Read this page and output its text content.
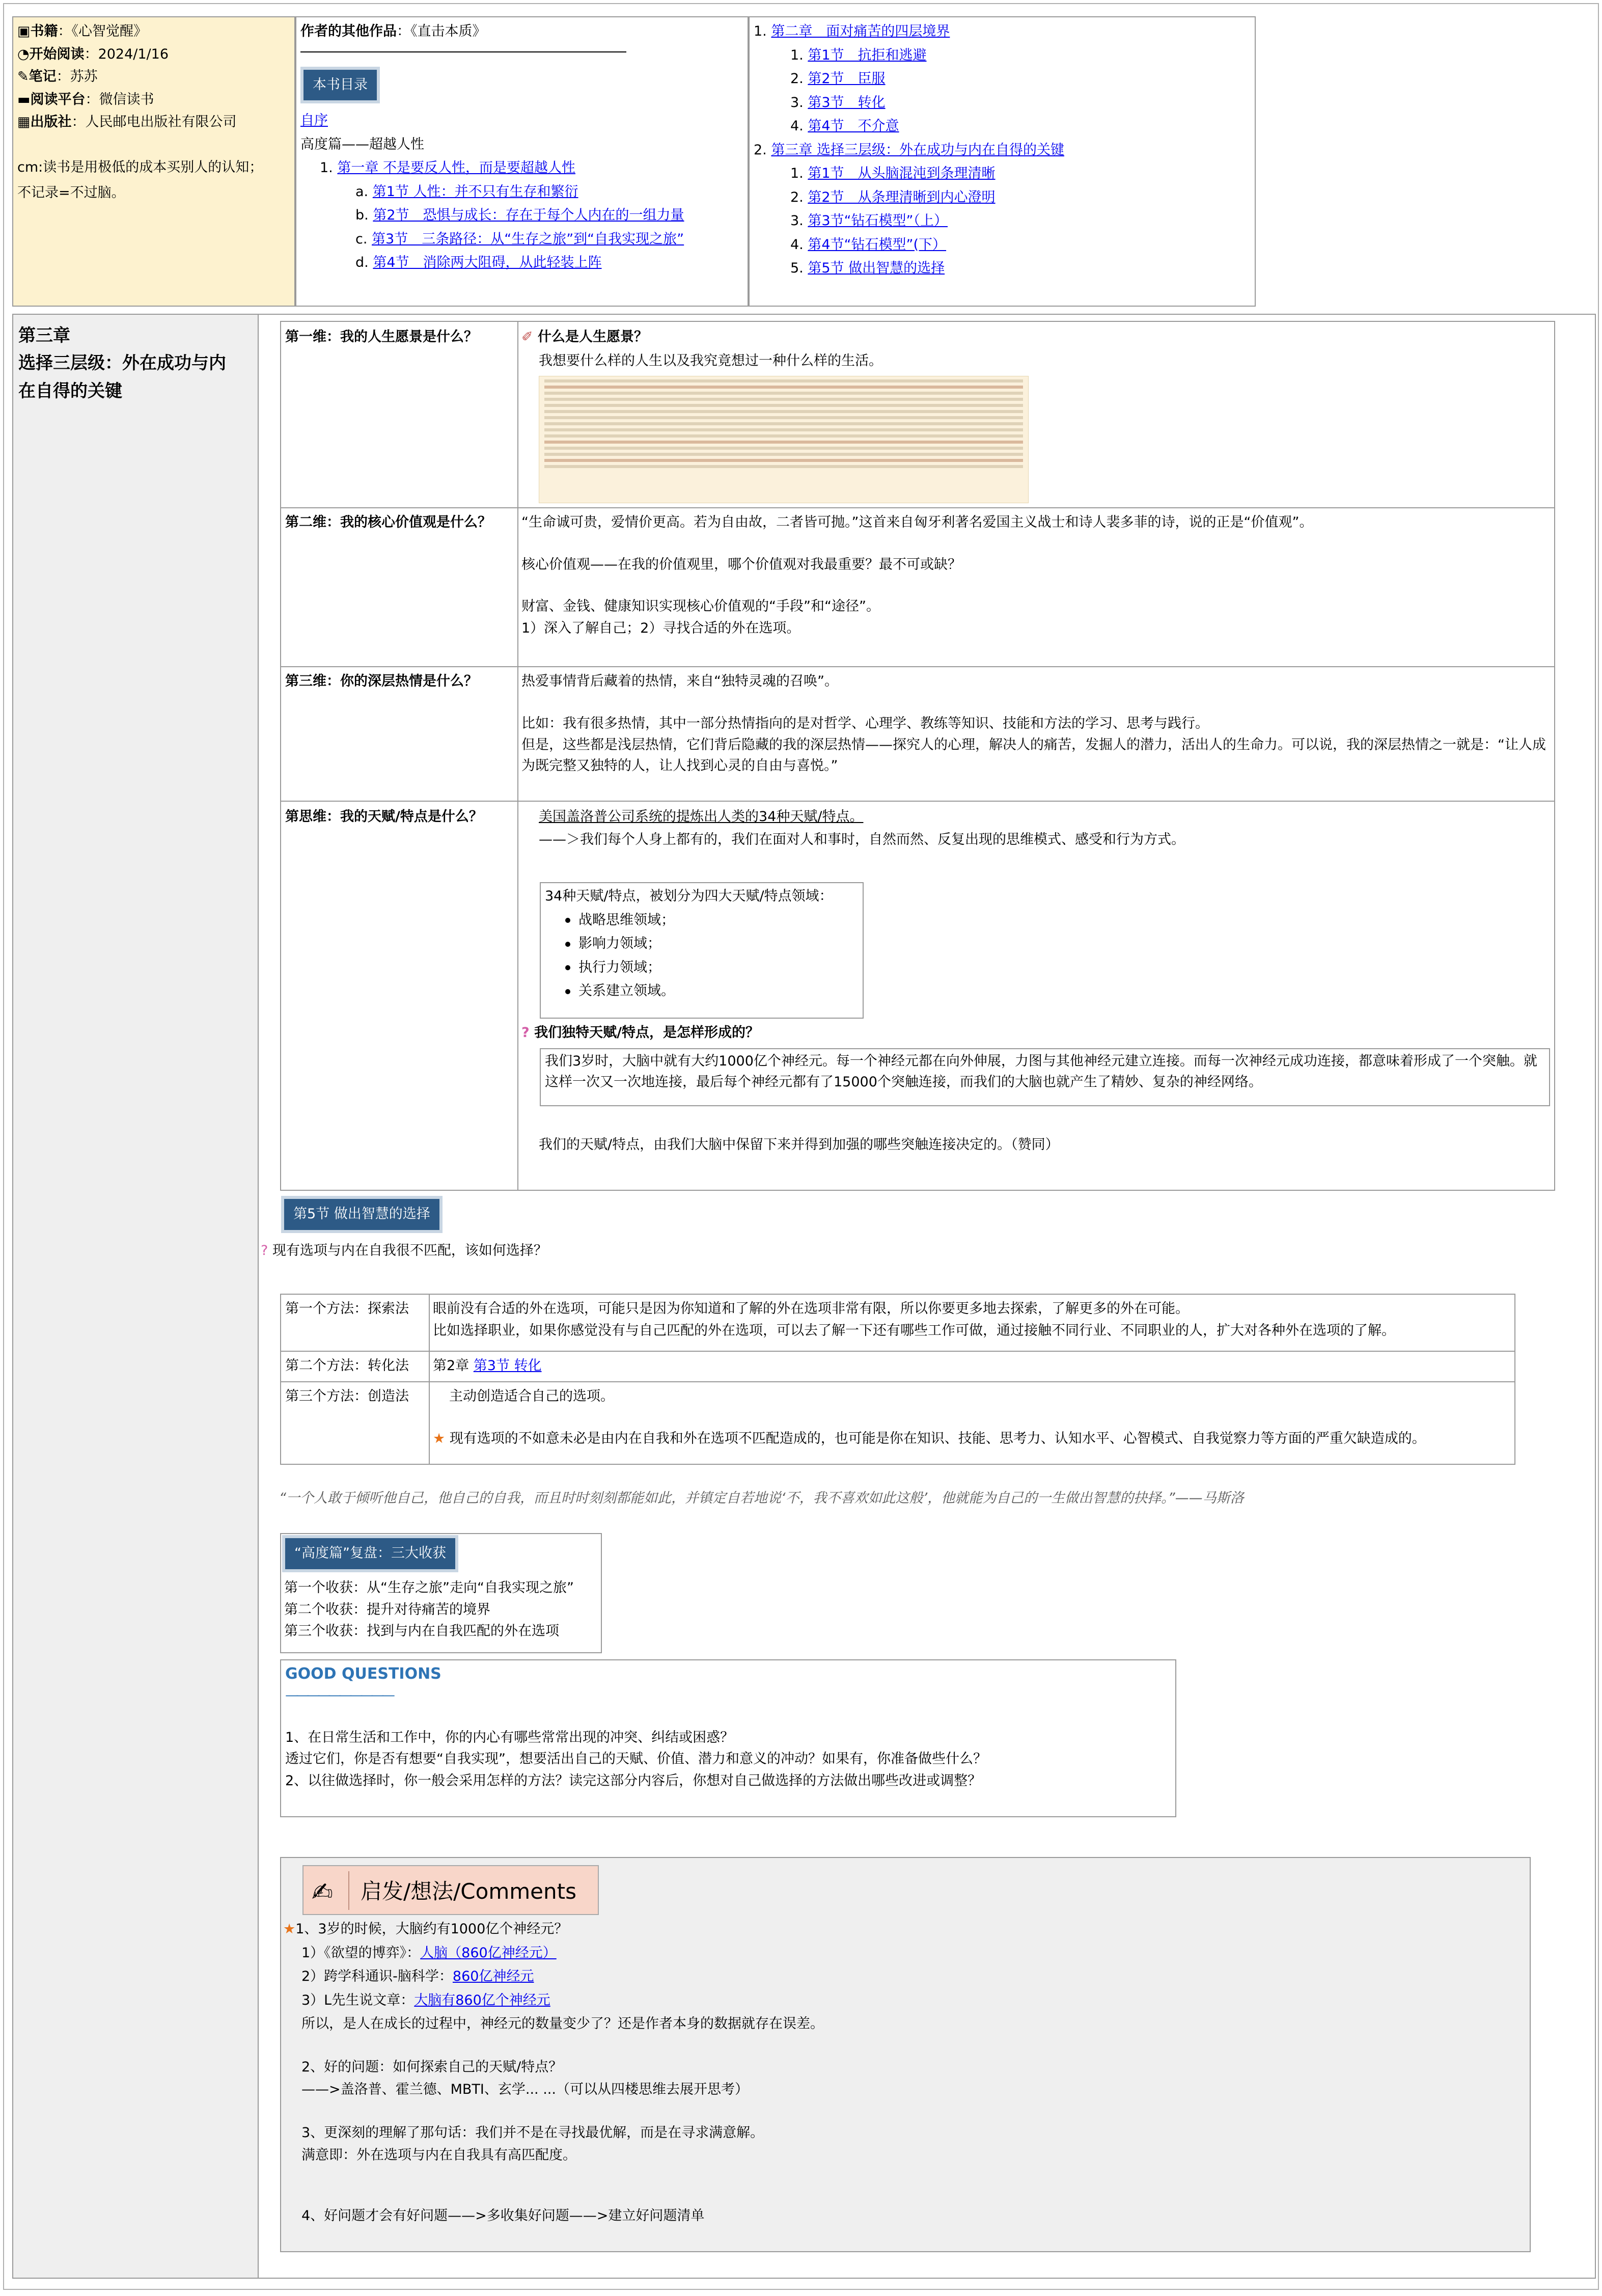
▣书籍：《心智觉醒》
◔开始阅读：2024/1/16
✎笔记：苏苏
▬阅读平台：微信读书
▦出版社：人民邮电出版社有限公司
cm:读书是用极低的成本买别人的认知；
不记录=不过脑。
作者的其他作品：《直击本质》
本书目录
自序
高度篇——超越人性
1. 第一章 不是要反人性，而是要超越人性
a. 第1节 人性：并不只有生存和繁衍
b. 第2节　恐惧与成长：存在于每个人内在的一组力量
c. 第3节　三条路径：从“生存之旅”到“自我实现之旅”
d. 第4节　消除两大阻碍，从此轻装上阵
1. 第二章　面对痛苦的四层境界
1. 第1节　抗拒和逃避
2. 第2节　臣服
3. 第3节　转化
4. 第4节　不介意
2. 第三章 选择三层级：外在成功与内在自得的关键
1. 第1节　从头脑混沌到条理清晰
2. 第2节　从条理清晰到内心澄明
3. 第3节“钻石模型”（上）
4. 第4节“钻石模型”(下）
5. 第5节 做出智慧的选择
第三章
选择三层级：外在成功与内
在自得的关键
第一维：我的人生愿景是什么？	✐ 什么是人生愿景？
我想要什么样的人生以及我究竟想过一种什么样的生活。
第二维：我的核心价值观是什么？ “生命诚可贵，爱情价更高。若为自由故，二者皆可抛。”这首来自匈牙利著名爱国主义战士和诗人裴多菲的诗，说的正是“价值观”。
核心价值观——在我的价值观里，哪个价值观对我最重要？最不可或缺？
财富、金钱、健康知识实现核心价值观的“手段”和“途径”。
1）深入了解自己；2）寻找合适的外在选项。
第三维：你的深层热情是什么？	热爱事情背后藏着的热情，来自“独特灵魂的召唤”。
比如：我有很多热情，其中一部分热情指向的是对哲学、心理学、教练等知识、技能和方法的学习、思考与践行。
但是，这些都是浅层热情，它们背后隐藏的我的深层热情——探究人的心理，解决人的痛苦，发掘人的潜力，活出人的生命力。可以说，我的深层热情之一就是：“让人成为既完整又独特的人，让人找到心灵的自由与喜悦。”
第思维：我的天赋/特点是什么？	美国盖洛普公司系统的提炼出人类的34种天赋/特点。
——＞我们每个人身上都有的，我们在面对人和事时，自然而然、反复出现的思维模式、感受和行为方式。
34种天赋/特点，被划分为四大天赋/特点领域：
战略思维领域；
影响力领域；
执行力领域；
关系建立领域。
? 我们独特天赋/特点，是怎样形成的？
我们3岁时，大脑中就有大约1000亿个神经元。每一个神经元都在向外伸展，力图与其他神经元建立连接。而每一次神经元成功连接，都意味着形成了一个突触。就这样一次又一次地连接，最后每个神经元都有了15000个突触连接，而我们的大脑也就产生了精妙、复杂的神经网络。
我们的天赋/特点，由我们大脑中保留下来并得到加强的哪些突触连接决定的。（赞同）
第5节 做出智慧的选择
? 现有选项与内在自我很不匹配，该如何选择？
第一个方法：探索法 眼前没有合适的外在选项，可能只是因为你知道和了解的外在选项非常有限，所以你要更多地去探索，了解更多的外在可能。
比如选择职业，如果你感觉没有与自己匹配的外在选项，可以去了解一下还有哪些工作可做，通过接触不同行业、不同职业的人，扩大对各种外在选项的了解。
第二个方法：转化法 第2章 第3节 转化
第三个方法：创造法	主动创造适合自己的选项。
★ 现有选项的不如意未必是由内在自我和外在选项不匹配造成的，也可能是你在知识、技能、思考力、认知水平、心智模式、自我觉察力等方面的严重欠缺造成的。
“一个人敢于倾听他自己，他自己的自我，而且时时刻刻都能如此，并镇定自若地说‘不，我不喜欢如此这般’，他就能为自己的一生做出智慧的抉择。”——马斯洛
“高度篇”复盘：三大收获
第一个收获：从“生存之旅”走向“自我实现之旅”
第二个收获：提升对待痛苦的境界
第三个收获：找到与内在自我匹配的外在选项
GOOD QUESTIONS
——————————
1、在日常生活和工作中，你的内心有哪些常常出现的冲突、纠结或困惑？
透过它们，你是否有想要“自我实现”，想要活出自己的天赋、价值、潜力和意义的冲动？如果有，你准备做些什么？
2、以往做选择时，你一般会采用怎样的方法？读完这部分内容后，你想对自己做选择的方法做出哪些改进或调整？
✍ 启发/想法/Comments
★1、3岁的时候，大脑约有1000亿个神经元？
1）《欲望的博弈》：人脑（860亿神经元）
2）跨学科通识-脑科学：860亿神经元
3）L先生说文章：大脑有860亿个神经元
所以，是人在成长的过程中，神经元的数量变少了？还是作者本身的数据就存在误差。
2、好的问题：如何探索自己的天赋/特点？
——>盖洛普、霍兰德、MBTI、玄学... ...（可以从四楼思维去展开思考）
3、更深刻的理解了那句话：我们并不是在寻找最优解，而是在寻求满意解。
满意即：外在选项与内在自我具有高匹配度。
4、好问题才会有好问题——>多收集好问题——>建立好问题清单
